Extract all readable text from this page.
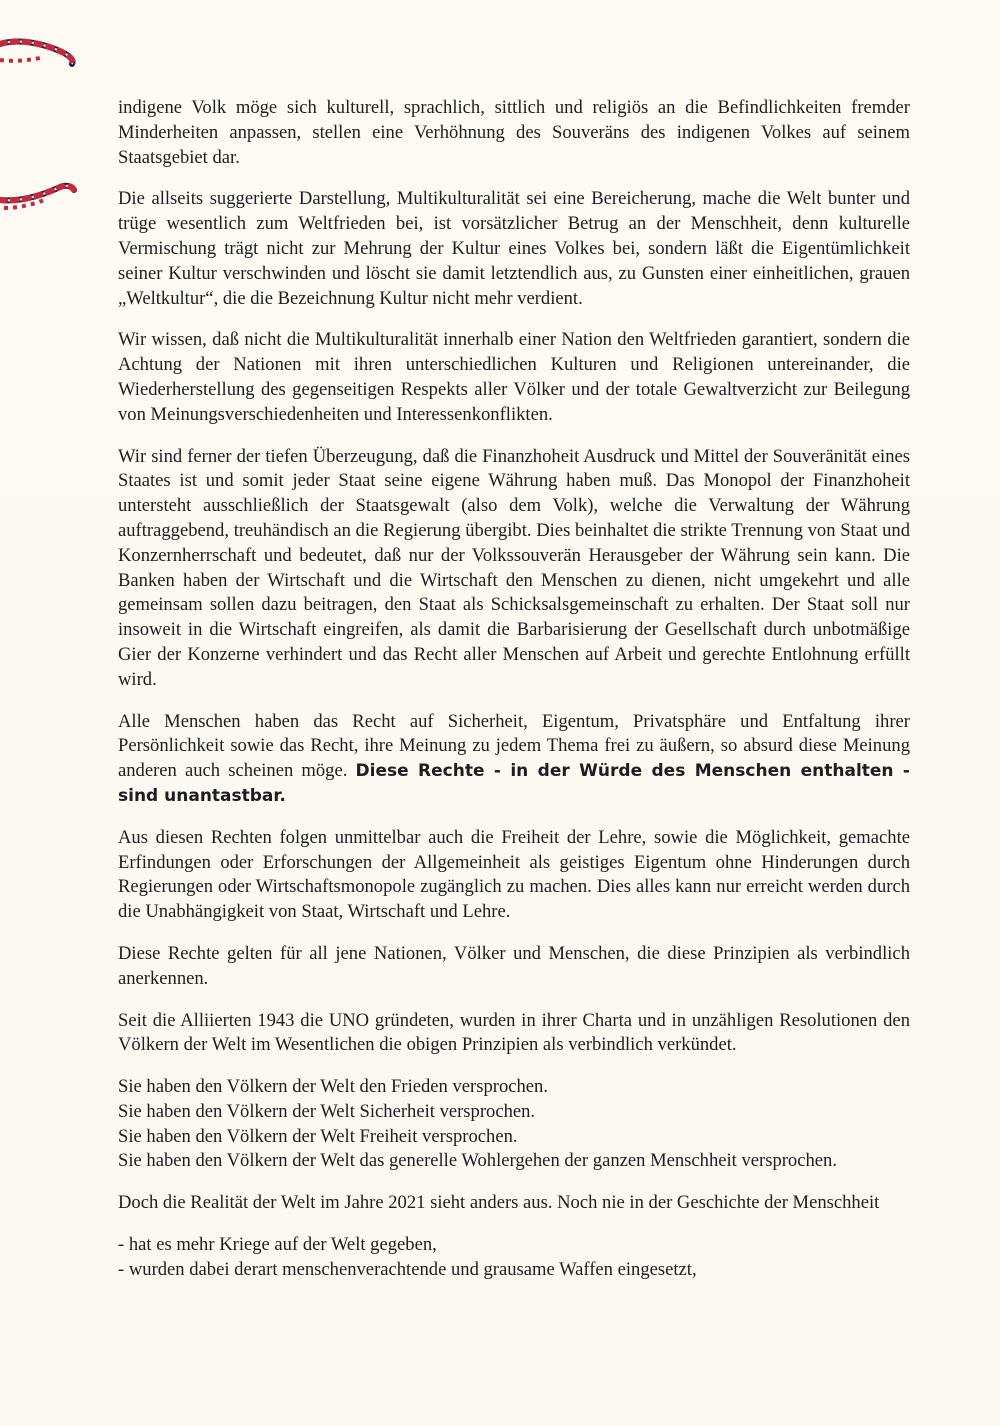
indigene Volk möge sich kulturell, sprachlich, sittlich und religiös an die Befindlichkeiten fremder Minderheiten anpassen, stellen eine Verhöhnung des Souveräns des indigenen Volkes auf seinem Staatsgebiet dar.

Die allseits suggerierte Darstellung, Multikulturalität sei eine Bereicherung, mache die Welt bunter und trüge wesentlich zum Weltfrieden bei, ist vorsätzlicher Betrug an der Menschheit, denn kulturelle Vermischung trägt nicht zur Mehrung der Kultur eines Volkes bei, sondern läßt die Eigentümlichkeit seiner Kultur verschwinden und löscht sie damit letztendlich aus, zu Gunsten einer einheitlichen, grauen „Weltkultur“, die die Bezeichnung Kultur nicht mehr verdient.

Wir wissen, daß nicht die Multikulturalität innerhalb einer Nation den Weltfrieden garantiert, sondern die Achtung der Nationen mit ihren unterschiedlichen Kulturen und Religionen untereinander, die Wiederherstellung des gegenseitigen Respekts aller Völker und der totale Gewaltverzicht zur Beilegung von Meinungsverschiedenheiten und Interessenkonflikten.

Wir sind ferner der tiefen Überzeugung, daß die Finanzhoheit Ausdruck und Mittel der Souveränität eines Staates ist und somit jeder Staat seine eigene Währung haben muß. Das Monopol der Finanzhoheit untersteht ausschließlich der Staatsgewalt (also dem Volk), welche die Verwaltung der Währung auftraggebend, treuhändisch an die Regierung übergibt. Dies beinhaltet die strikte Trennung von Staat und Konzernherrschaft und bedeutet, daß nur der Volkssouverän Herausgeber der Währung sein kann. Die Banken haben der Wirtschaft und die Wirtschaft den Menschen zu dienen, nicht umgekehrt und alle gemeinsam sollen dazu beitragen, den Staat als Schicksalsgemeinschaft zu erhalten. Der Staat soll nur insoweit in die Wirtschaft eingreifen, als damit die Barbarisierung der Gesellschaft durch unbotmäßige Gier der Konzerne verhindert und das Recht aller Menschen auf Arbeit und gerechte Entlohnung erfüllt wird.

Alle Menschen haben das Recht auf Sicherheit, Eigentum, Privatsphäre und Entfaltung ihrer Persönlichkeit sowie das Recht, ihre Meinung zu jedem Thema frei zu äußern, so absurd diese Meinung anderen auch scheinen möge. Diese Rechte - in der Würde des Menschen enthalten - sind unantastbar.

Aus diesen Rechten folgen unmittelbar auch die Freiheit der Lehre, sowie die Möglichkeit, gemachte Erfindungen oder Erforschungen der Allgemeinheit als geistiges Eigentum ohne Hinderungen durch Regierungen oder Wirtschaftsmonopole zugänglich zu machen. Dies alles kann nur erreicht werden durch die Unabhängigkeit von Staat, Wirtschaft und Lehre.

Diese Rechte gelten für all jene Nationen, Völker und Menschen, die diese Prinzipien als verbindlich anerkennen.

Seit die Alliierten 1943 die UNO gründeten, wurden in ihrer Charta und in unzähligen Resolutionen den Völkern der Welt im Wesentlichen die obigen Prinzipien als verbindlich verkündet.

Sie haben den Völkern der Welt den Frieden versprochen.
Sie haben den Völkern der Welt Sicherheit versprochen.
Sie haben den Völkern der Welt Freiheit versprochen.
Sie haben den Völkern der Welt das generelle Wohlergehen der ganzen Menschheit versprochen.

Doch die Realität der Welt im Jahre 2021 sieht anders aus. Noch nie in der Geschichte der Menschheit

- hat es mehr Kriege auf der Welt gegeben,
- wurden dabei derart menschenverachtende und grausame Waffen eingesetzt,
